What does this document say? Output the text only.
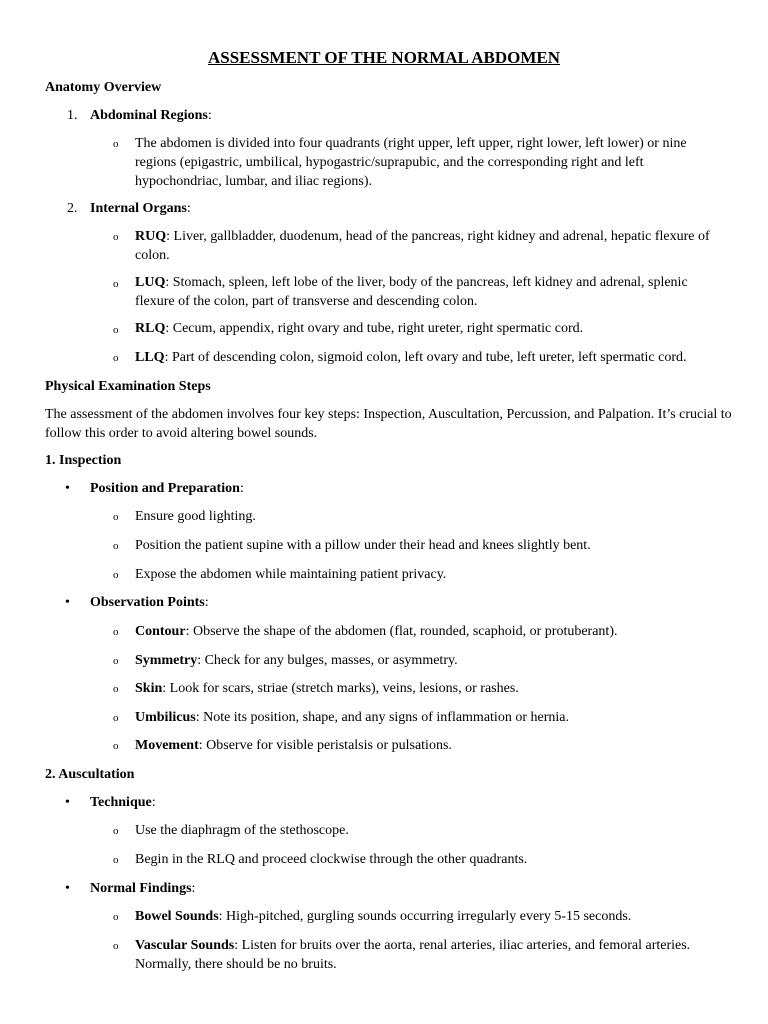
ASSESSMENT OF THE NORMAL ABDOMEN
Anatomy Overview
1. Abdominal Regions:
o The abdomen is divided into four quadrants (right upper, left upper, right lower, left lower) or nine regions (epigastric, umbilical, hypogastric/suprapubic, and the corresponding right and left hypochondriac, lumbar, and iliac regions).
2. Internal Organs:
o RUQ: Liver, gallbladder, duodenum, head of the pancreas, right kidney and adrenal, hepatic flexure of colon.
o LUQ: Stomach, spleen, left lobe of the liver, body of the pancreas, left kidney and adrenal, splenic flexure of the colon, part of transverse and descending colon.
o RLQ: Cecum, appendix, right ovary and tube, right ureter, right spermatic cord.
o LLQ: Part of descending colon, sigmoid colon, left ovary and tube, left ureter, left spermatic cord.
Physical Examination Steps
The assessment of the abdomen involves four key steps: Inspection, Auscultation, Percussion, and Palpation. It’s crucial to follow this order to avoid altering bowel sounds.
1. Inspection
• Position and Preparation:
o Ensure good lighting.
o Position the patient supine with a pillow under their head and knees slightly bent.
o Expose the abdomen while maintaining patient privacy.
• Observation Points:
o Contour: Observe the shape of the abdomen (flat, rounded, scaphoid, or protuberant).
o Symmetry: Check for any bulges, masses, or asymmetry.
o Skin: Look for scars, striae (stretch marks), veins, lesions, or rashes.
o Umbilicus: Note its position, shape, and any signs of inflammation or hernia.
o Movement: Observe for visible peristalsis or pulsations.
2. Auscultation
• Technique:
o Use the diaphragm of the stethoscope.
o Begin in the RLQ and proceed clockwise through the other quadrants.
• Normal Findings:
o Bowel Sounds: High-pitched, gurgling sounds occurring irregularly every 5-15 seconds.
o Vascular Sounds: Listen for bruits over the aorta, renal arteries, iliac arteries, and femoral arteries. Normally, there should be no bruits.
